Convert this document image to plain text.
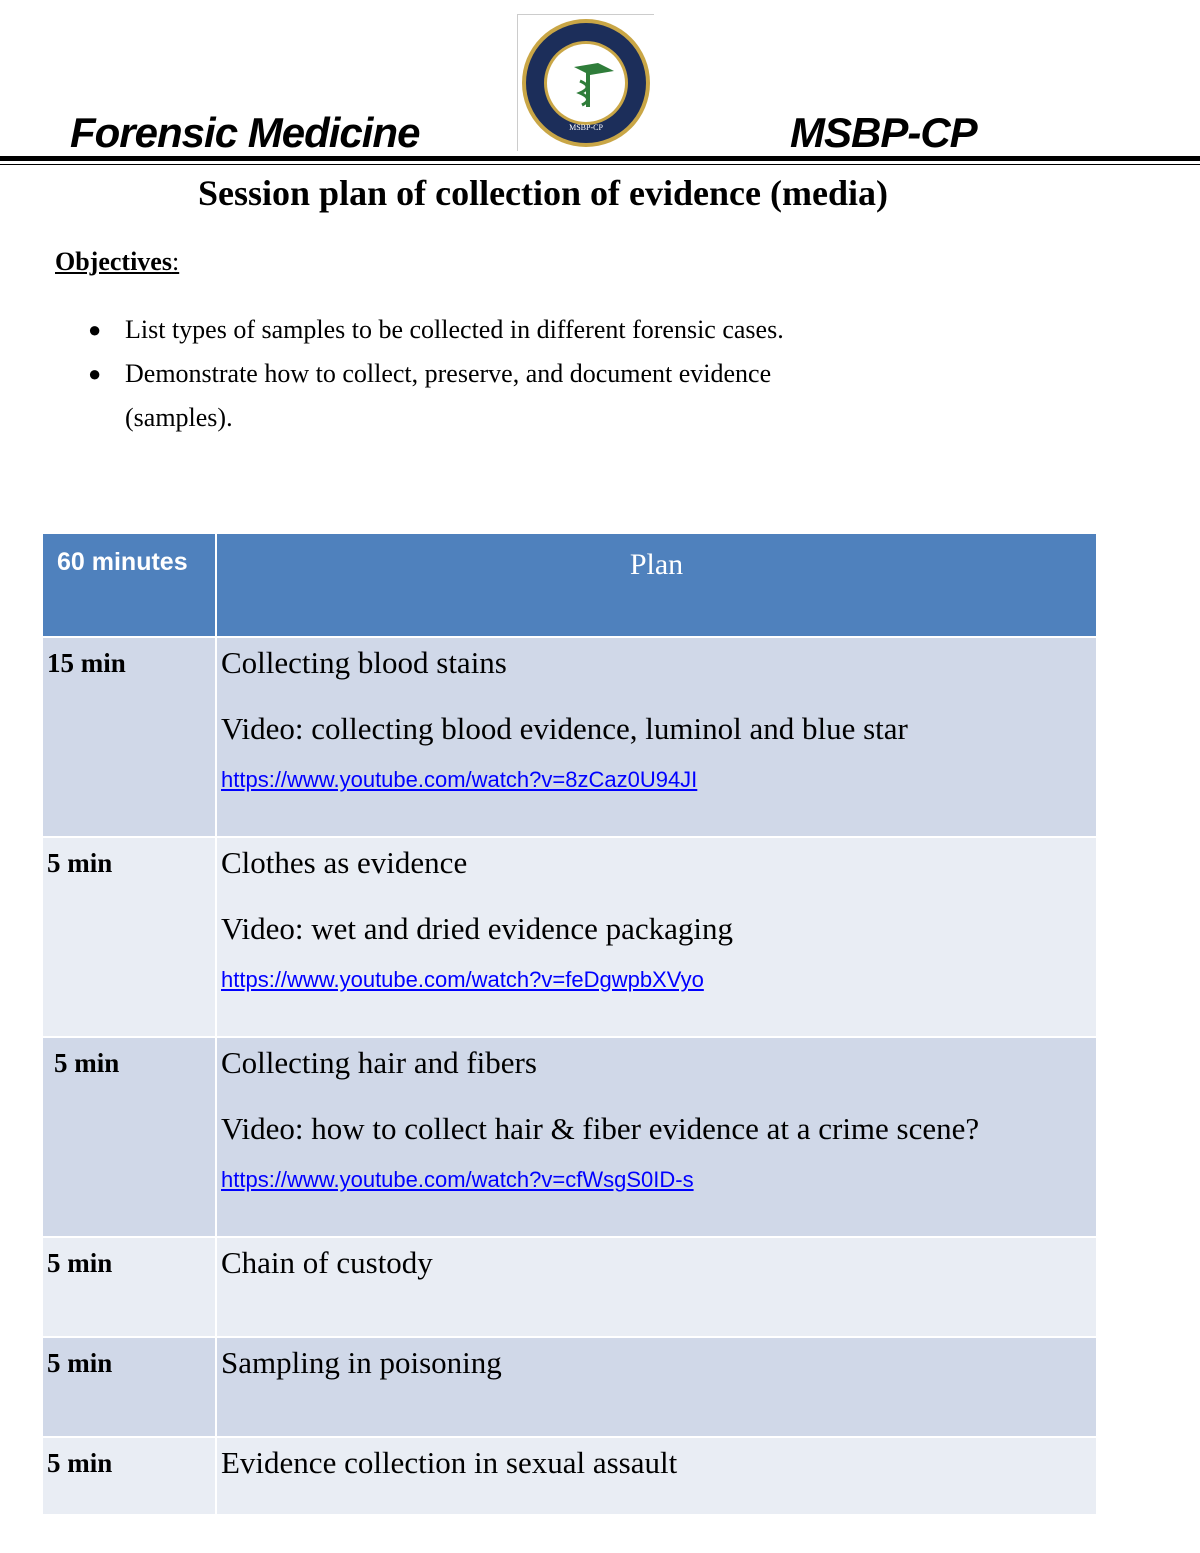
Forensic Medicine	MSBP-CP	MSBP-CP
Session plan of collection of evidence (media)
Objectives:
● List types of samples to be collected in different forensic cases.
● Demonstrate how to collect, preserve, and document evidence
(samples).
60 minutes	Plan
15 min	Collecting blood stains
Video: collecting blood evidence, luminol and blue star
https://www.youtube.com/watch?v=8zCaz0U94JI

5 min	Clothes as evidence
Video: wet and dried evidence packaging
https://www.youtube.com/watch?v=feDgwpbXVyo

5 min	Collecting hair and fibers
Video: how to collect hair & fiber evidence at a crime scene?
https://www.youtube.com/watch?v=cfWsgS0ID-s

5 min	Chain of custody

5 min	Sampling in poisoning

5 min	Evidence collection in sexual assault
